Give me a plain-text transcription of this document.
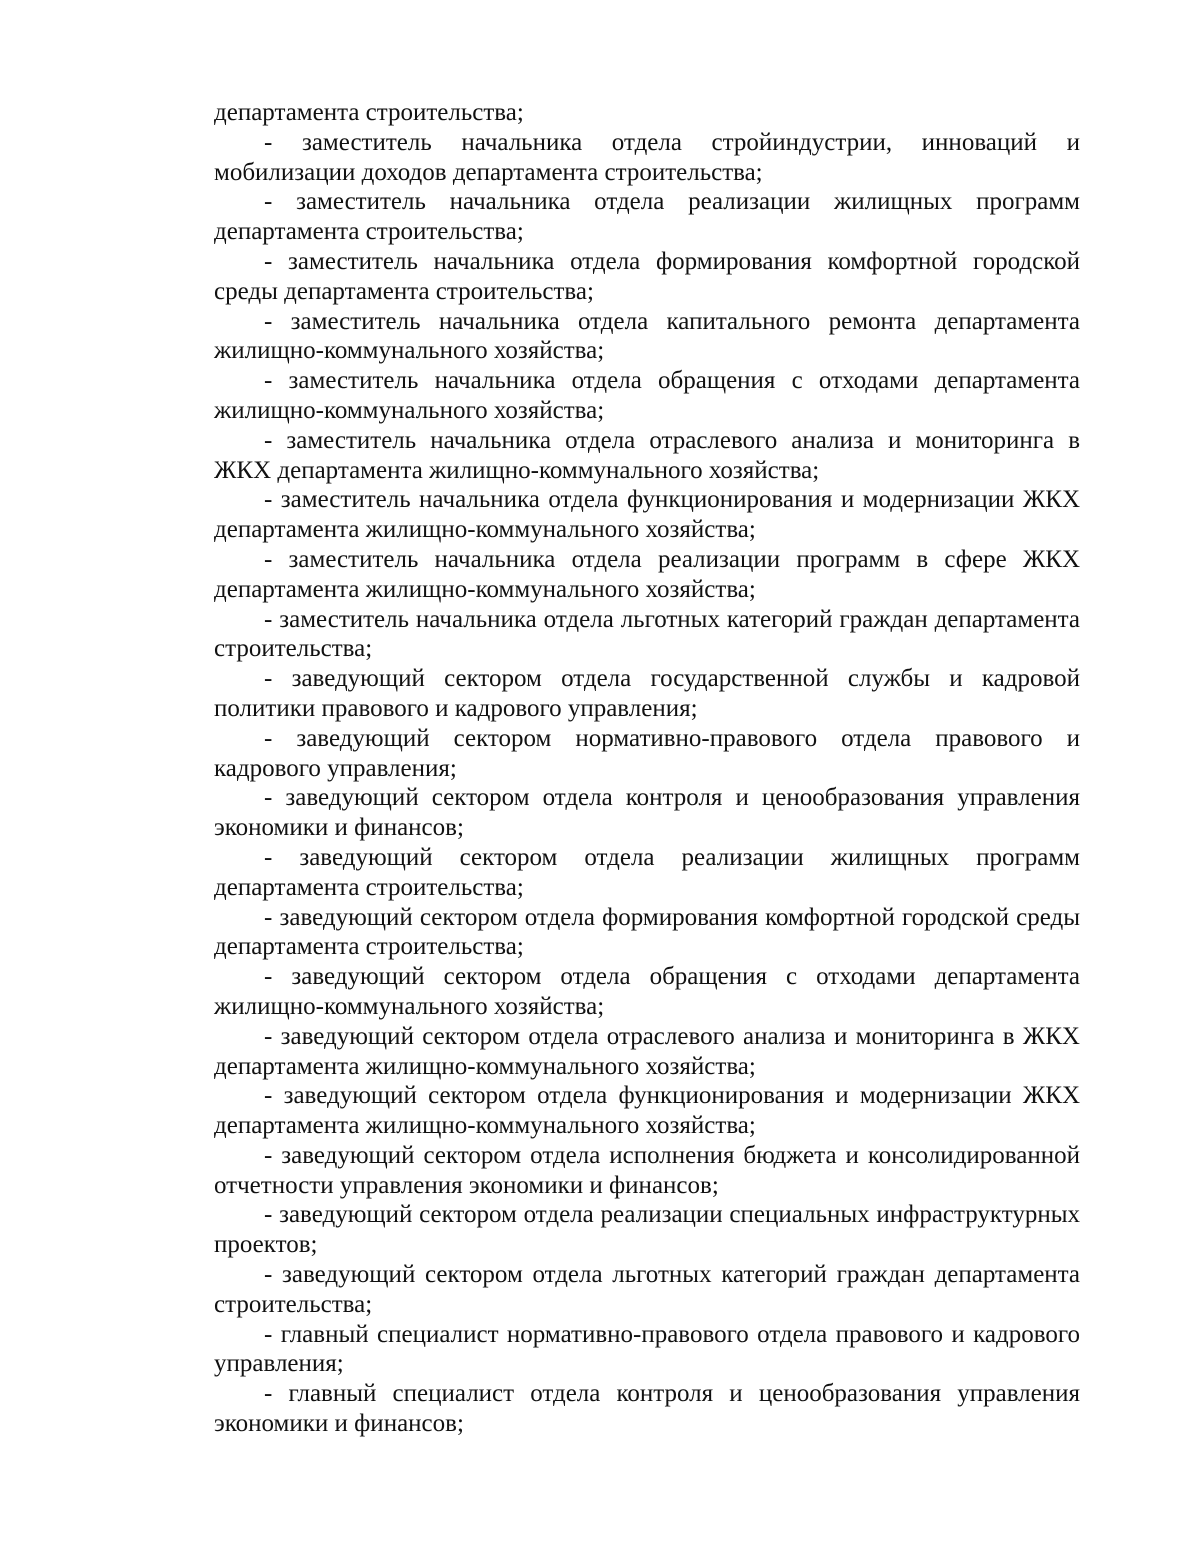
департамента строительства;

- заместитель начальника отдела стройиндустрии, инноваций и мобилизации доходов департамента строительства;

- заместитель начальника отдела реализации жилищных программ департамента строительства;

- заместитель начальника отдела формирования комфортной городской среды департамента строительства;

- заместитель начальника отдела капитального ремонта департамента жилищно-коммунального хозяйства;

- заместитель начальника отдела обращения с отходами департамента жилищно-коммунального хозяйства;

- заместитель начальника отдела отраслевого анализа и мониторинга в ЖКХ департамента жилищно-коммунального хозяйства;

- заместитель начальника отдела функционирования и модернизации ЖКХ департамента жилищно-коммунального хозяйства;

- заместитель начальника отдела реализации программ в сфере ЖКХ департамента жилищно-коммунального хозяйства;

- заместитель начальника отдела льготных категорий граждан департамента строительства;

- заведующий сектором отдела государственной службы и кадровой политики правового и кадрового управления;

- заведующий сектором нормативно-правового отдела правового и кадрового управления;

- заведующий сектором отдела контроля и ценообразования управления экономики и финансов;

- заведующий сектором отдела реализации жилищных программ департамента строительства;

- заведующий сектором отдела формирования комфортной городской среды департамента строительства;

- заведующий сектором отдела обращения с отходами департамента жилищно-коммунального хозяйства;

- заведующий сектором отдела отраслевого анализа и мониторинга в ЖКХ департамента жилищно-коммунального хозяйства;

- заведующий сектором отдела функционирования и модернизации ЖКХ департамента жилищно-коммунального хозяйства;

- заведующий сектором отдела исполнения бюджета и консолидированной отчетности управления экономики и финансов;

- заведующий сектором отдела реализации специальных инфраструктурных проектов;

- заведующий сектором отдела льготных категорий граждан департамента строительства;

- главный специалист нормативно-правового отдела правового и кадрового управления;

- главный специалист отдела контроля и ценообразования управления экономики и финансов;
